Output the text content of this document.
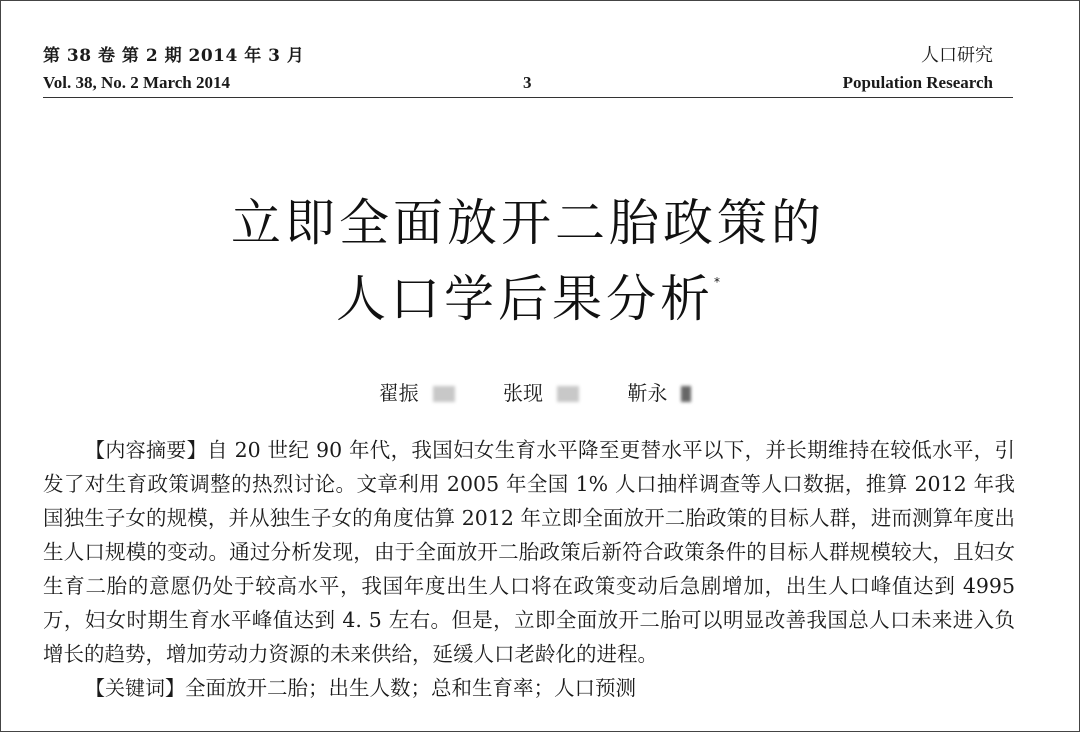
第 38 卷 第 2 期 2014 年 3 月
Vol. 38, No. 2 March 2014	3
人口研究
Population Research
立即全面放开二胎政策的
人口学后果分析*
翟振	张现	靳永

【内容摘要】自 20 世纪 90 年代，我国妇女生育水平降至更替水平以下，并长期维持在较低水平，引发了对生育政策调整的热烈讨论。文章利用 2005 年全国 1% 人口抽样调查等人口数据，推算 2012 年我国独生子女的规模，并从独生子女的角度估算 2012 年立即全面放开二胎政策的目标人群，进而测算年度出生人口规模的变动。通过分析发现，由于全面放开二胎政策后新符合政策条件的目标人群规模较大，且妇女生育二胎的意愿仍处于较高水平，我国年度出生人口将在政策变动后急剧增加，出生人口峰值达到 4995 万，妇女时期生育水平峰值达到 4. 5 左右。但是，立即全面放开二胎可以明显改善我国总人口未来进入负增长的趋势，增加劳动力资源的未来供给，延缓人口老龄化的进程。

【关键词】全面放开二胎；出生人数；总和生育率；人口预测
